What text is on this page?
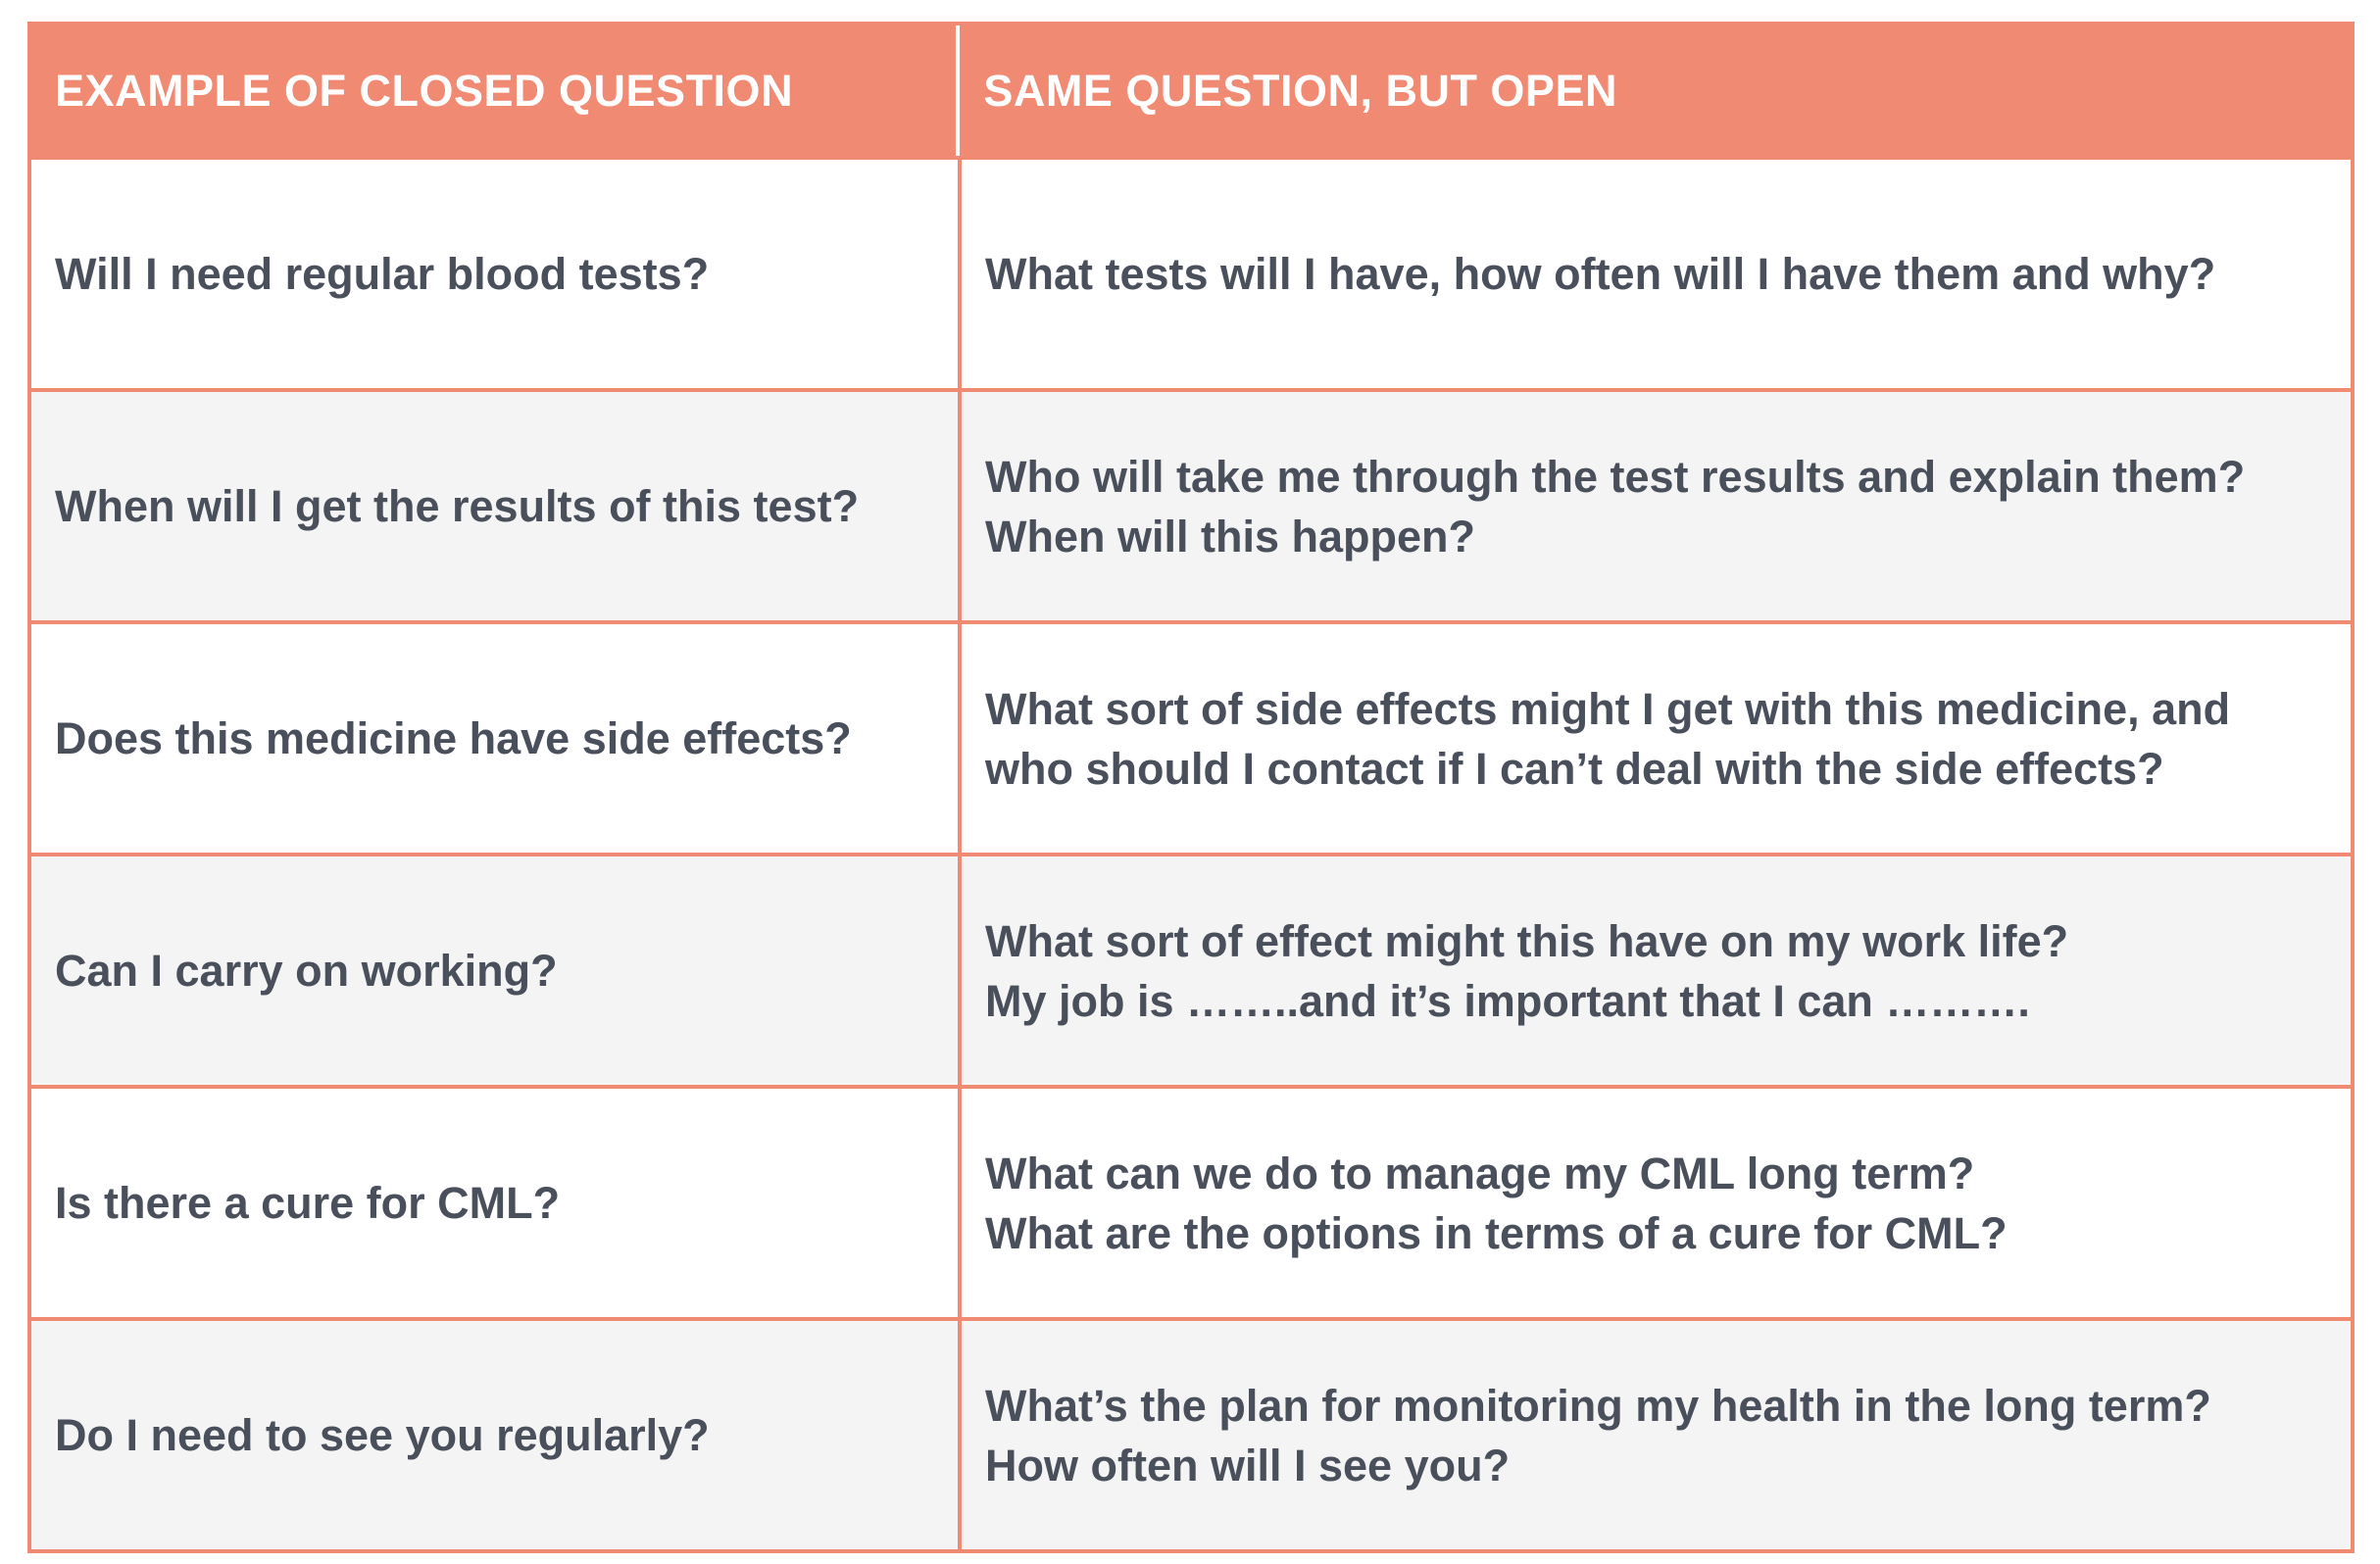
EXAMPLE OF CLOSED QUESTION	SAME QUESTION, BUT OPEN
Will I need regular blood tests?	What tests will I have, how often will I have them and why?
When will I get the results of this test?
Who will take me through the test results and explain them?
When will this happen?
Does this medicine have side effects?
What sort of side effects might I get with this medicine, and
who should I contact if I can’t deal with the side effects?
Can I carry on working?
What sort of effect might this have on my work life?
My job is ……..and it’s important that I can ……….
Is there a cure for CML?
What can we do to manage my CML long term?
What are the options in terms of a cure for CML?
Do I need to see you regularly?
What’s the plan for monitoring my health in the long term?
How often will I see you?
